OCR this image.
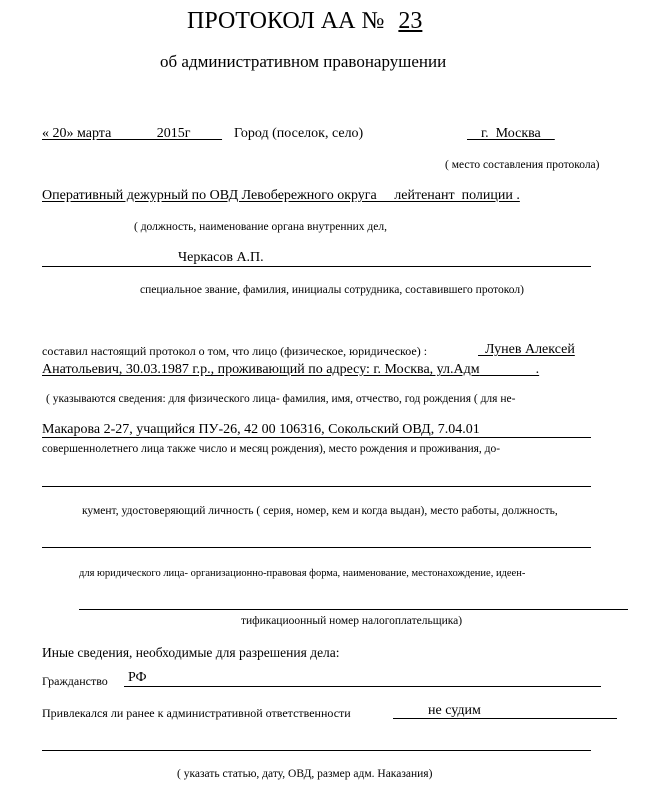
ПРОТОКОЛ АА № 23
об административном правонарушении
« 20» марта             2015г Город (поселок, село)	г.  Москва
( место составления протокола)
Оперативный дежурный по ОВД Левобережного округа     лейтенант  полиции .
( должность, наименование органа внутренних дел,
Черкасов А.П.
специальное звание, фамилия, инициалы сотрудника, составившего протокол)
составил настоящий протокол о том, что лицо (физическое, юридическое) :	Лунев Алексей
Анатольевич, 30.03.1987 г.р., проживающий по адресу: г. Москва, ул.Адм                .
( указываются сведения: для физического лица- фамилия, имя, отчество, год рождения ( для не-
Макарова 2-27, учащийся ПУ-26, 42 00 106316, Сокольский ОВД, 7.04.01
совершеннолетнего лица также число и месяц рождения), место рождения и проживания, до-
кумент, удостоверяющий личность ( серия, номер, кем и когда выдан), место работы, должность,
для юридического лица- организационно-правовая форма, наименование, местонахождение, идеен-
тификациоонный номер налогоплательщика)
Иные сведения, необходимые для разрешения дела:
Гражданство РФ
Привлекался ли ранее к административной ответственности	не судим
( указать статью, дату, ОВД, размер адм. Наказания)
